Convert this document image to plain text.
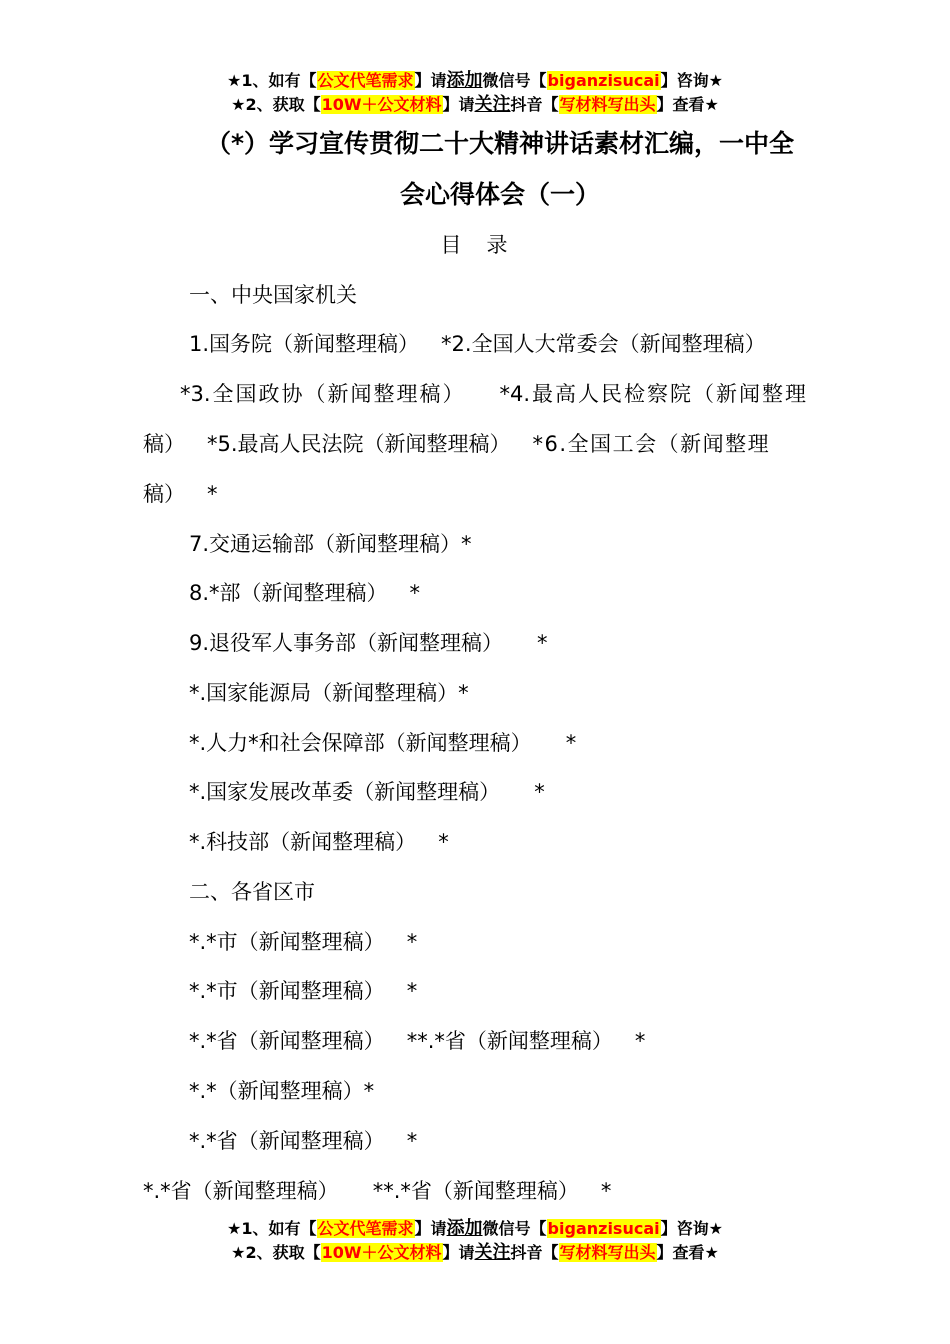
★1、如有【公文代笔需求】请添加微信号【biganzisucai】咨询★
★2、获取【10W＋公文材料】请关注抖音【写材料写出头】查看★
（*）学习宣传贯彻二十大精神讲话素材汇编，一中全
会心得体会（一）
目　录
一、中央国家机关
1.国务院（新闻整理稿） *2.全国人大常委会（新闻整理稿）
*3.全国政协（新闻整理稿） *4.最高人民检察院（新闻整理
稿） *5.最高人民法院（新闻整理稿） *6.全国工会（新闻整理
稿） *
7.交通运输部（新闻整理稿）*
8.*部（新闻整理稿） *
9.退役军人事务部（新闻整理稿） *
*.国家能源局（新闻整理稿）*
*.人力*和社会保障部（新闻整理稿） *
*.国家发展改革委（新闻整理稿） *
*.科技部（新闻整理稿） *
二、各省区市
*.*市（新闻整理稿） *
*.*市（新闻整理稿） *
*.*省（新闻整理稿） **.*省（新闻整理稿） *
*.*（新闻整理稿）*
*.*省（新闻整理稿） *
*.*省（新闻整理稿） **.*省（新闻整理稿） *
★1、如有【公文代笔需求】请添加微信号【biganzisucai】咨询★
★2、获取【10W＋公文材料】请关注抖音【写材料写出头】查看★
